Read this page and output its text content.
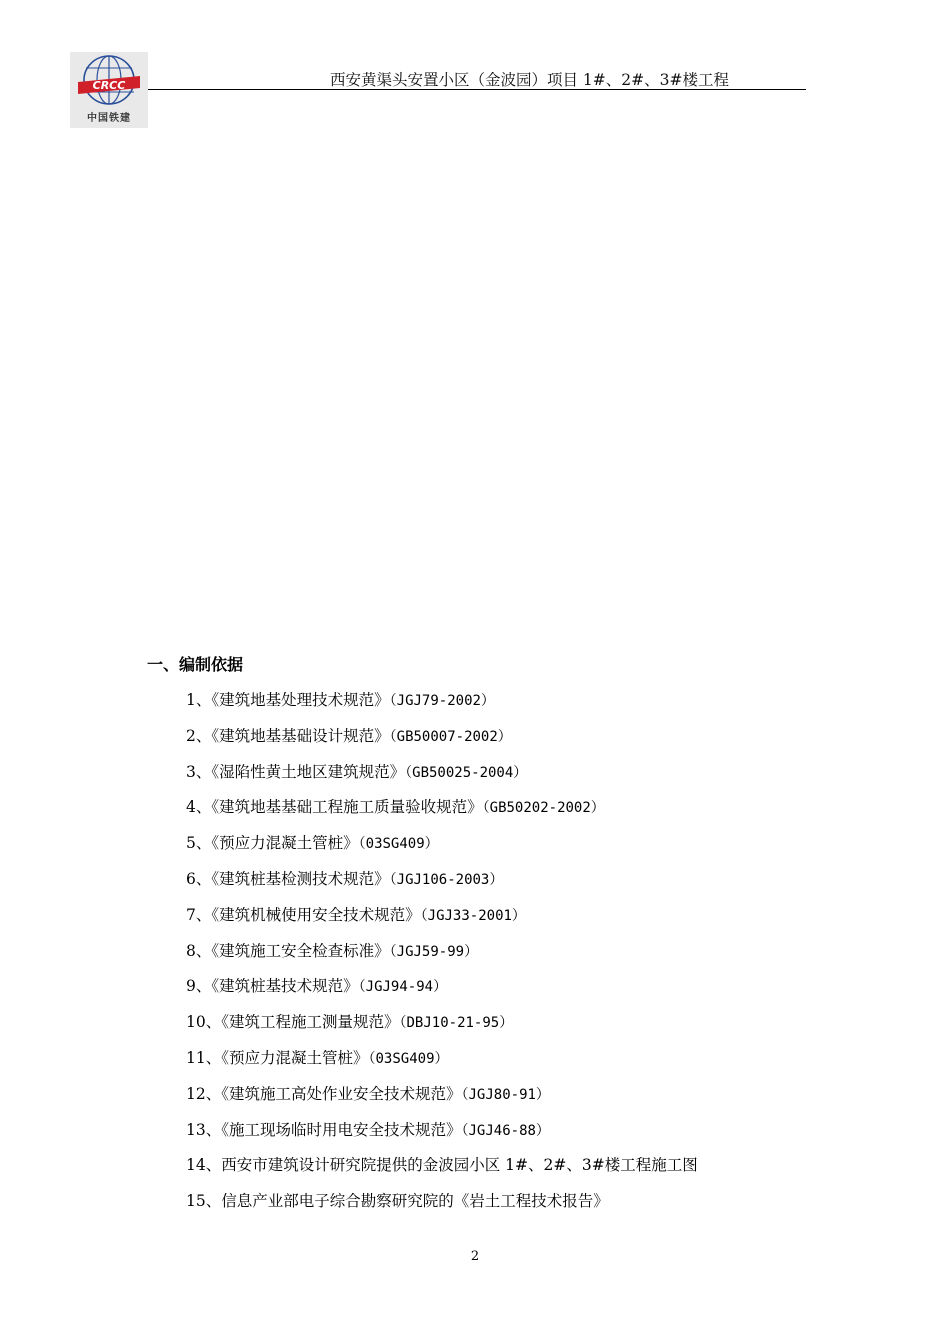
CRCC
中国铁建
西安黄渠头安置小区（金波园）项目 1#、2#、3#楼工程
一、编制依据
1、《建筑地基处理技术规范》（JGJ79-2002）
2、《建筑地基基础设计规范》（GB50007-2002）
3、《湿陷性黄土地区建筑规范》（GB50025-2004）
4、《建筑地基基础工程施工质量验收规范》（GB50202-2002）
5、《预应力混凝土管桩》（03SG409）
6、《建筑桩基检测技术规范》（JGJ106-2003）
7、《建筑机械使用安全技术规范》（JGJ33-2001）
8、《建筑施工安全检查标准》（JGJ59-99）
9、《建筑桩基技术规范》（JGJ94-94）
10、《建筑工程施工测量规范》（DBJ10-21-95）
11、《预应力混凝土管桩》（03SG409）
12、《建筑施工高处作业安全技术规范》（JGJ80-91）
13、《施工现场临时用电安全技术规范》（JGJ46-88）
14、西安市建筑设计研究院提供的金波园小区 1#、2#、3#楼工程施工图
15、信息产业部电子综合勘察研究院的《岩土工程技术报告》
2
